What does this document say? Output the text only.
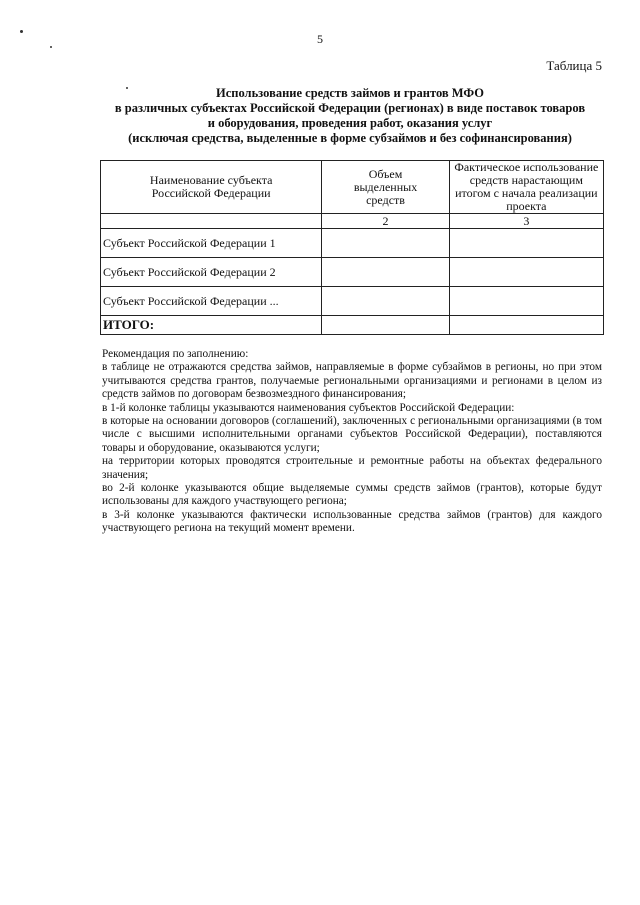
5
Таблица 5
Использование средств займов и грантов МФО
в различных субъектах Российской Федерации (регионах) в виде поставок товаров
и оборудования, проведения работ, оказания услуг
(исключая средства, выделенные в форме субзаймов и без софинансирования)
Наименование субъекта Российской Федерации	Объем выделенных средств	Фактическое использование средств нарастающим итогом с начала реализации проекта
	2	3
Субъект Российской Федерации 1		
Субъект Российской Федерации 2		
Субъект Российской Федерации ...		
ИТОГО:		

Рекомендация по заполнению:

в таблице не отражаются средства займов, направляемые в форме субзаймов в регионы, но при этом учитываются средства грантов, получаемые региональными организациями и регионами в целом из средств займов по договорам безвозмездного финансирования;

в 1-й колонке таблицы указываются наименования субъектов Российской Федерации:

в которые на основании договоров (соглашений), заключенных с региональными организациями (в том числе с высшими исполнительными органами субъектов Российской Федерации), поставляются товары и оборудование, оказываются услуги;

на территории которых проводятся строительные и ремонтные работы на объектах федерального значения;

во 2-й колонке указываются общие выделяемые суммы средств займов (грантов), которые будут использованы для каждого участвующего региона;

в 3-й колонке указываются фактически использованные средства займов (грантов) для каждого участвующего региона на текущий момент времени.
